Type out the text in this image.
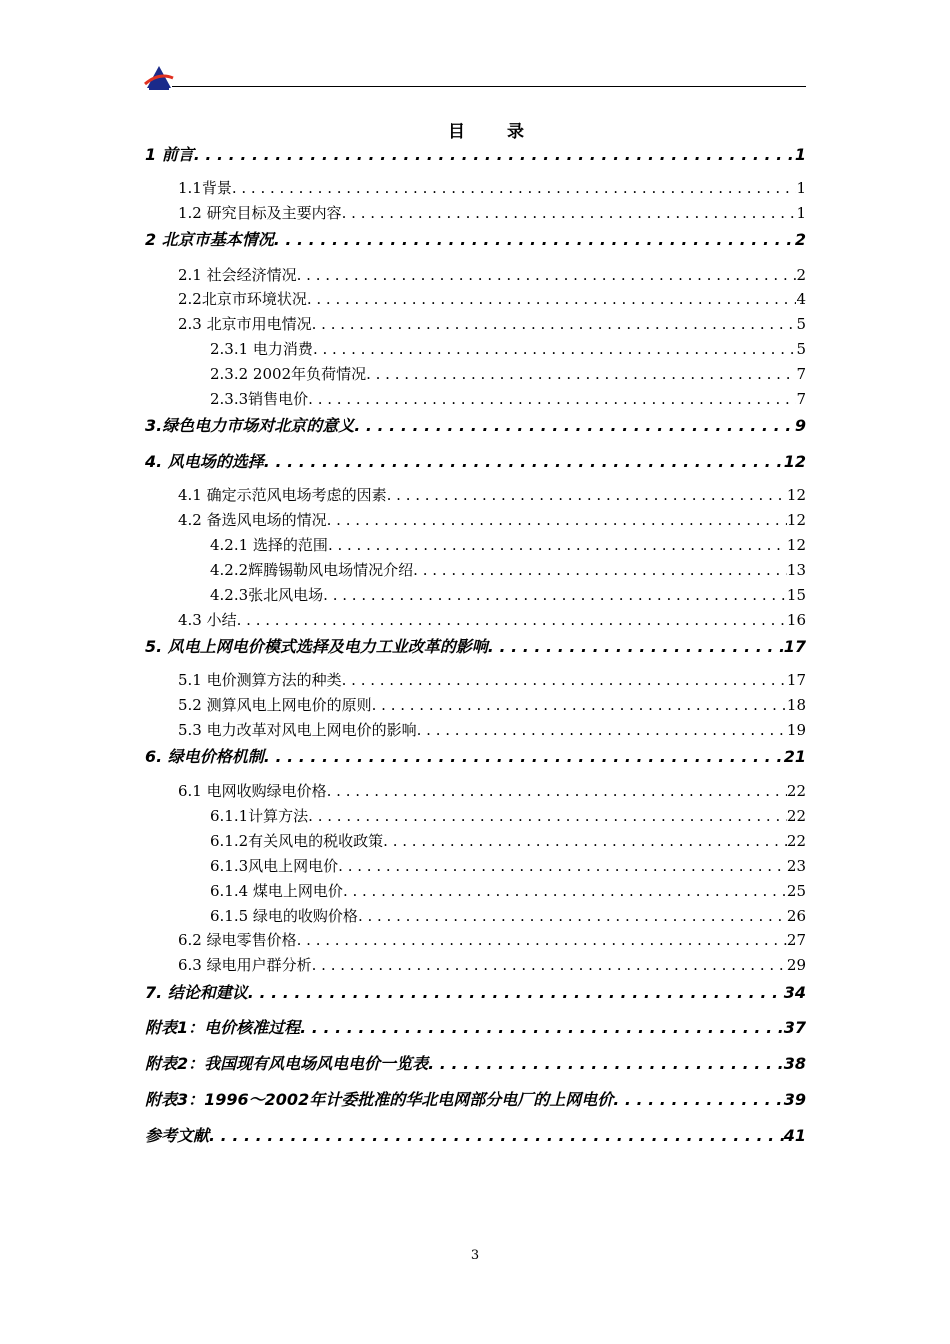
目 录
1 前言 . . .	1
1.1背景 . . .	1
1.2 研究目标及主要内容 . . .	1
2 北京市基本情况 . . .	2
2.1 社会经济情况 . . .	2
2.2北京市环境状况 . . .	4
2.3 北京市用电情况 . . .	5
2.3.1 电力消费 . . .	5
2.3.2 2002年负荷情况 . . .	7
2.3.3销售电价 . . .	7
3.绿色电力市场对北京的意义 . . .	9
4. 风电场的选择 . . .	12
4.1 确定示范风电场考虑的因素 . . .	12
4.2 备选风电场的情况 . . .	12
4.2.1 选择的范围 . . .	12
4.2.2辉腾锡勒风电场情况介绍 . . .	13
4.2.3张北风电场 . . .	15
4.3 小结 . . .	16
5. 风电上网电价模式选择及电力工业改革的影响 . . .	17
5.1 电价测算方法的种类 . . .	17
5.2 测算风电上网电价的原则 . . .	18
5.3 电力改革对风电上网电价的影响 . . .	19
6. 绿电价格机制 . . .	21
6.1 电网收购绿电价格 . . .	22
6.1.1计算方法 . . .	22
6.1.2有关风电的税收政策 . . .	22
6.1.3风电上网电价 . . .	23
6.1.4 煤电上网电价 . . .	25
6.1.5 绿电的收购价格 . . .	26
6.2 绿电零售价格 . . .	27
6.3 绿电用户群分析 . . .	29
7. 结论和建议 . . .	34
附表1：电价核准过程 . . .	37
附表2：我国现有风电场风电电价一览表 . . .	38
附表3：1996～2002年计委批准的华北电网部分电厂的上网电价 . . .	39
参考文献 . . .	41
3
